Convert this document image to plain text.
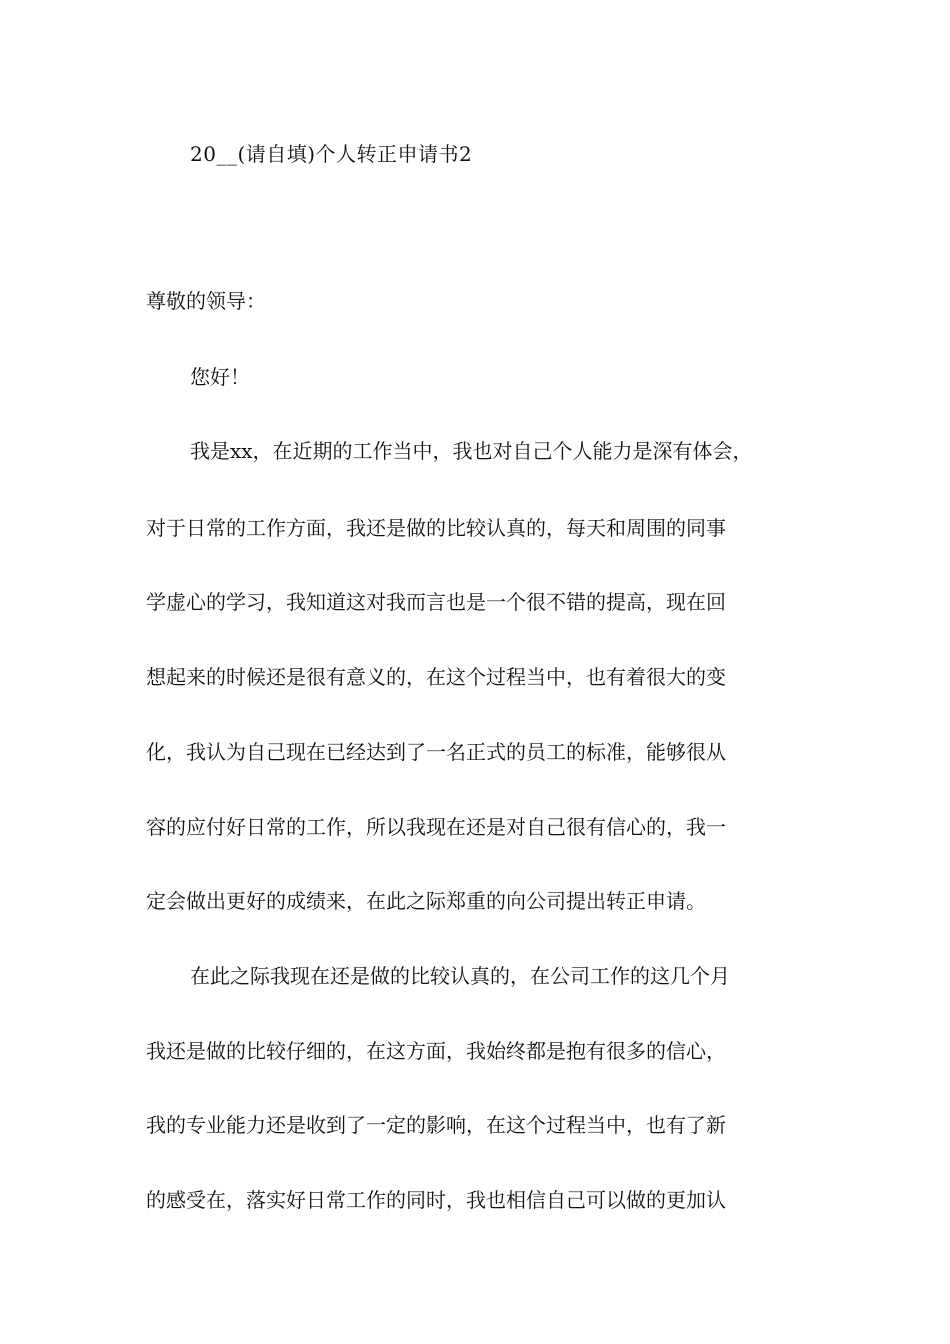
20__(请自填)个人转正申请书2
尊敬的领导：
您好！
我是xx，在近期的工作当中，我也对自己个人能力是深有体会，
对于日常的工作方面，我还是做的比较认真的，每天和周围的同事
学虚心的学习，我知道这对我而言也是一个很不错的提高，现在回
想起来的时候还是很有意义的，在这个过程当中，也有着很大的变
化，我认为自己现在已经达到了一名正式的员工的标准，能够很从
容的应付好日常的工作，所以我现在还是对自己很有信心的，我一
定会做出更好的成绩来，在此之际郑重的向公司提出转正申请。
在此之际我现在还是做的比较认真的，在公司工作的这几个月
我还是做的比较仔细的，在这方面，我始终都是抱有很多的信心，
我的专业能力还是收到了一定的影响，在这个过程当中，也有了新
的感受在，落实好日常工作的同时，我也相信自己可以做的更加认
